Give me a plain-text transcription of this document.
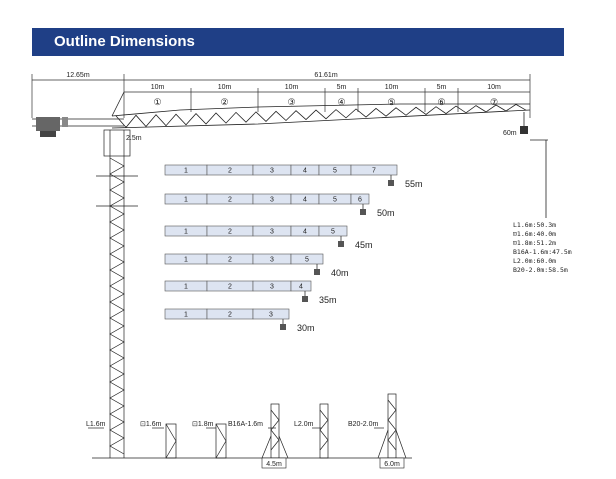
Outline Dimensions
12.65m	61.61m
10m
①
10m
②
10m
③
5m
④
10m
⑤
5m
⑥
10m
⑦
2.5m
60m
1	2	3	4	5	7
55m
1	2	3	4	5	6
50m
1	2	3	4	5
45m
1	2	3	5
40m
1	2	3	4
35m
1	2	3
30m
L1.6m:50.3m
⊡1.6m:40.0m
⊡1.8m:51.2m
B16A-1.6m:47.5m
L2.0m:60.0m
B20-2.0m:58.5m
L1.6m	⊡1.6m	⊡1.8m B16A-1.6m	L2.0m	B20-2.0m
4.5m	6.0m
